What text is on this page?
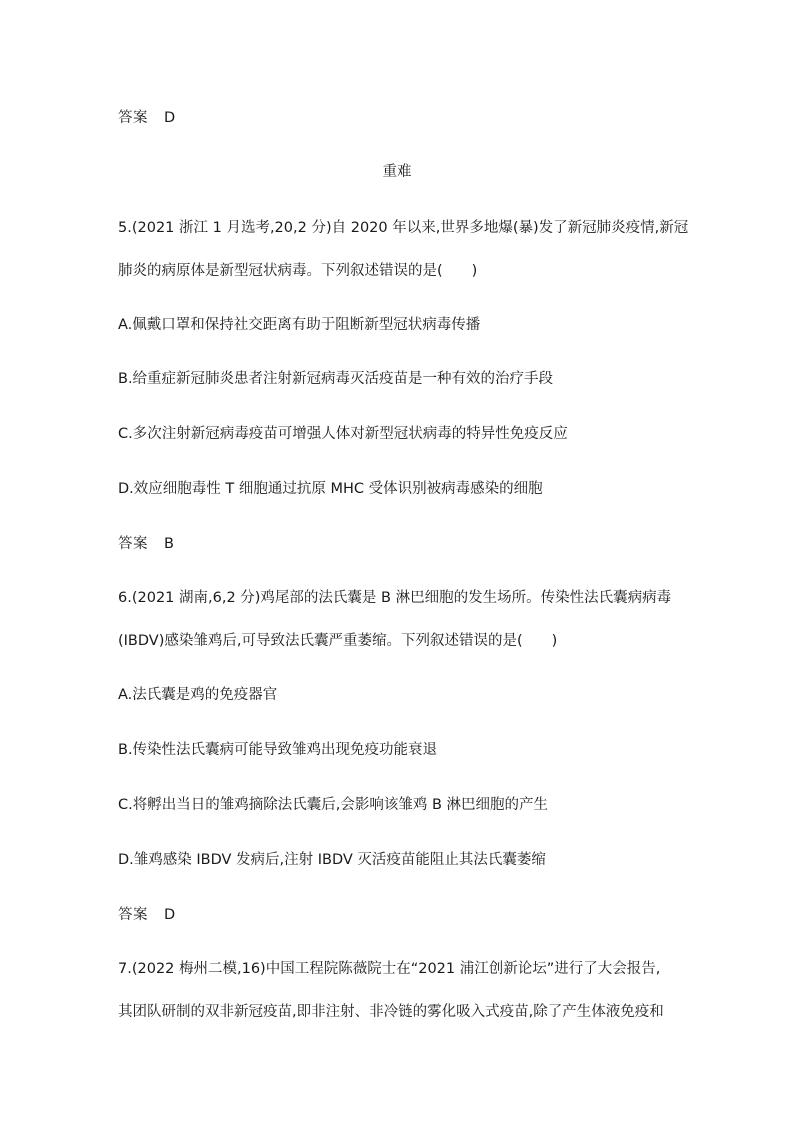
答案 D
重难
5.(2021 浙江 1 月选考,20,2 分)自 2020 年以来,世界多地爆(暴)发了新冠肺炎疫情,新冠
肺炎的病原体是新型冠状病毒。下列叙述错误的是(　　)
A.佩戴口罩和保持社交距离有助于阻断新型冠状病毒传播
B.给重症新冠肺炎患者注射新冠病毒灭活疫苗是一种有效的治疗手段
C.多次注射新冠病毒疫苗可增强人体对新型冠状病毒的特异性免疫反应
D.效应细胞毒性 T 细胞通过抗原 MHC 受体识别被病毒感染的细胞
答案 B
6.(2021 湖南,6,2 分)鸡尾部的法氏囊是 B 淋巴细胞的发生场所。传染性法氏囊病病毒
(IBDV)感染雏鸡后,可导致法氏囊严重萎缩。下列叙述错误的是(　　)
A.法氏囊是鸡的免疫器官
B.传染性法氏囊病可能导致雏鸡出现免疫功能衰退
C.将孵出当日的雏鸡摘除法氏囊后,会影响该雏鸡 B 淋巴细胞的产生
D.雏鸡感染 IBDV 发病后,注射 IBDV 灭活疫苗能阻止其法氏囊萎缩
答案 D
7.(2022 梅州二模,16)中国工程院陈薇院士在“2021 浦江创新论坛”进行了大会报告,
其团队研制的双非新冠疫苗,即非注射、非冷链的雾化吸入式疫苗,除了产生体液免疫和
